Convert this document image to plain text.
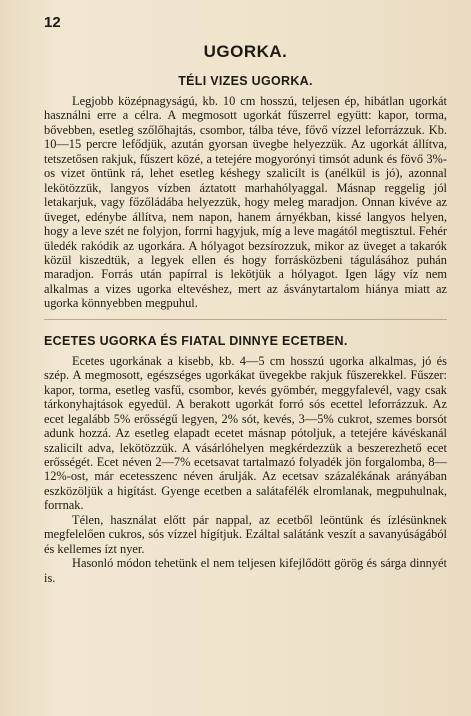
12
UGORKA.
TÉLI VIZES UGORKA.

Legjobb középnagyságú, kb. 10 cm hosszú, teljesen ép, hibátlan ugorkát használni erre a célra. A megmosott ugorkát fűszerrel együtt: kapor, torma, bővebben, esetleg szőlőhajtás, csombor, tálba téve, fővő vízzel leforrázzuk. Kb. 10—15 percre lefődjük, azután gyorsan üvegbe helyezzük. Az ugorkát állítva, tetszetősen rakjuk, fűszert közé, a tetejére mogyorónyi timsót adunk és fövő 3%-os vizet öntünk rá, lehet esetleg késhegy szalicilt is (anélkül is jó), azonnal lekötözzük, langyos vízben áztatott marhahólyaggal. Másnap reggelig jól letakarjuk, vagy főzőládába helyezzük, hogy meleg maradjon. Onnan kivéve az üveget, edénybe állítva, nem napon, hanem árnyékban, kissé langyos helyen, hogy a leve szét ne folyjon, forrni hagyjuk, míg a leve magától megtisztul. Fehér üledék rakódik az ugorkára. A hólyagot bezsírozzuk, mikor az üveget a takarók közül kiszedtük, a legyek ellen és hogy forrásközbeni tágulásához puhán maradjon. Forrás után papírral is lekötjük a hólyagot. Igen lágy víz nem alkalmas a vizes ugorka eltevéshez, mert az ásványtartalom hiánya miatt az ugorka könnyebben megpuhul.

ECETES UGORKA ÉS FIATAL DINNYE ECETBEN.

Ecetes ugorkának a kisebb, kb. 4—5 cm hosszú ugorka alkalmas, jó és szép. A megmosott, egészséges ugorkákat üvegekbe rakjuk fűszerekkel. Fűszer: kapor, torma, esetleg vasfű, csombor, kevés gyömbér, meggyfalevél, vagy csak tárkonyhajtások egyedül. A berakott ugorkát forró sós ecettel leforrázzuk. Az ecet legalább 5% erősségű legyen, 2% sót, kevés, 3—5% cukrot, szemes borsót adunk hozzá. Az esetleg elapadt ecetet másnap pótoljuk, a tetejére kávéskanál szalicilt adva, lekötözzük. A vásárlóhelyen megkérdezzük a beszerezhető ecet erősségét. Ecet néven 2—7% ecetsavat tartalmazó folyadék jön forgalomba, 8—12%-ost, már ecetesszenc néven árulják. Az ecetsav százalékának arányában eszközöljük a higítást. Gyenge ecetben a salátafélék elromlanak, megpuhulnak, forrnak.

Télen, használat előtt pár nappal, az ecetből leöntünk és ízlésünknek megfelelően cukros, sós vízzel hígítjuk. Ezáltal salátánk veszít a savanyúságából és kellemes ízt nyer.

Hasonló módon tehetünk el nem teljesen kifejlődött görög és sárga dinnyét is.
